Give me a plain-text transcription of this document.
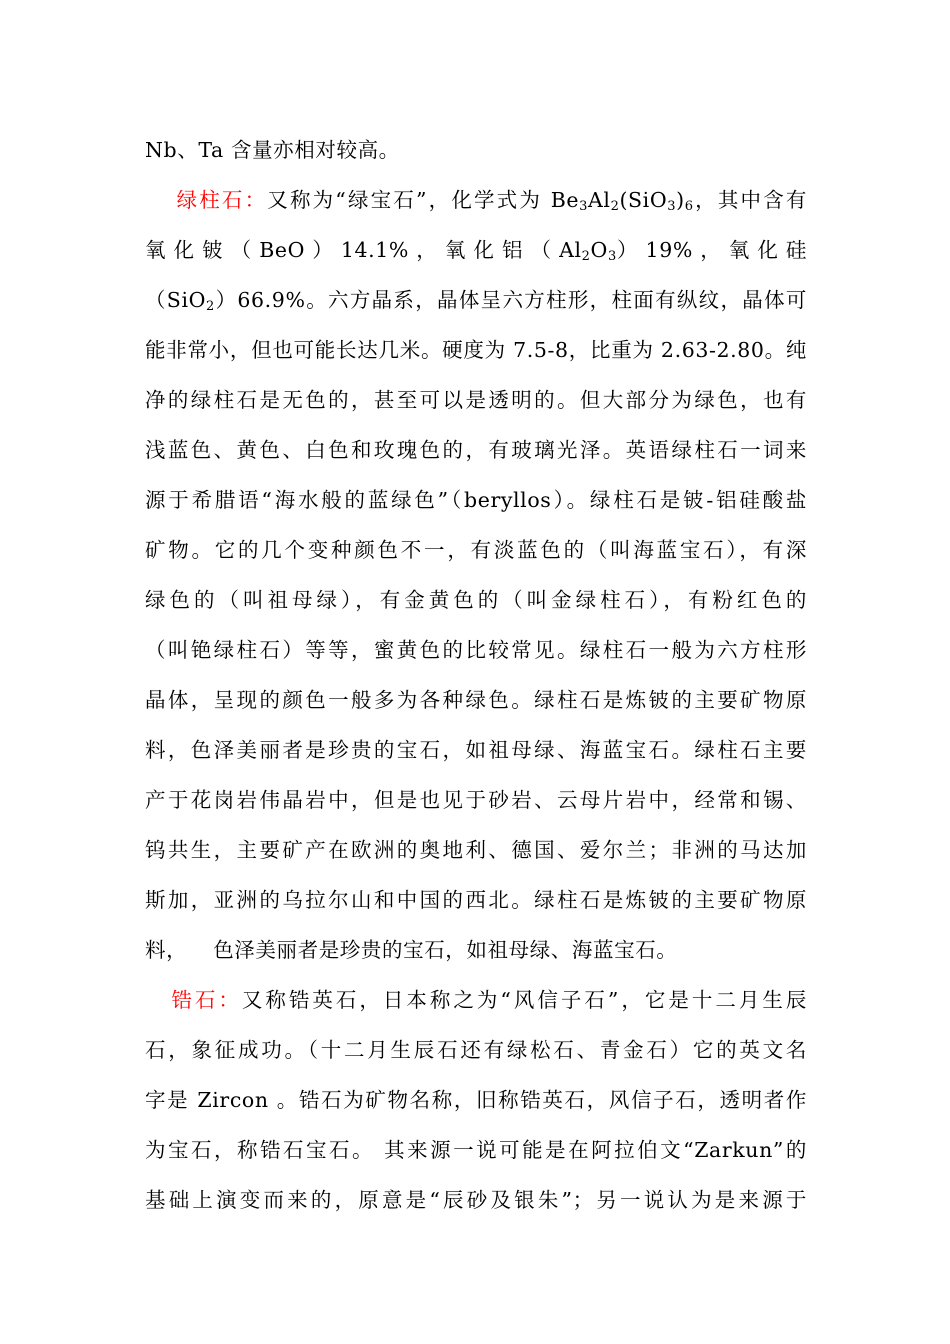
Nb、Ta 含量亦相对较高。
绿柱石：又称为“绿宝石”，化学式为 $Be_3Al_2(SiO_3)_6$，其中含有
氧 化 铍 （ BeO ） 14.1% ， 氧 化 铝 （ $Al_2O_3$） 19% ， 氧 化 硅
（SiO$_2$）66.9%。六方晶系，晶体呈六方柱形，柱面有纵纹，晶体可
能非常小，但也可能长达几米。硬度为 7.5-8，比重为 2.63-2.80。纯
净的绿柱石是无色的，甚至可以是透明的。但大部分为绿色，也有
浅蓝色、黄色、白色和玫瑰色的，有玻璃光泽。英语绿柱石一词来
源于希腊语“海水般的蓝绿色”（beryllos）。绿柱石是铍-铝硅酸盐
矿物。它的几个变种颜色不一，有淡蓝色的（叫海蓝宝石），有深
绿色的（叫祖母绿），有金黄色的（叫金绿柱石），有粉红色的
（叫铯绿柱石）等等，蜜黄色的比较常见。绿柱石一般为六方柱形
晶体，呈现的颜色一般多为各种绿色。绿柱石是炼铍的主要矿物原
料，色泽美丽者是珍贵的宝石，如祖母绿、海蓝宝石。绿柱石主要
产于花岗岩伟晶岩中，但是也见于砂岩、云母片岩中，经常和锡、
钨共生，主要矿产在欧洲的奥地利、德国、爱尔兰；非洲的马达加
斯加，亚洲的乌拉尔山和中国的西北。绿柱石是炼铍的主要矿物原
料， 色泽美丽者是珍贵的宝石，如祖母绿、海蓝宝石。
锆石：又称锆英石，日本称之为“风信子石”，它是十二月生辰
石，象征成功。（十二月生辰石还有绿松石、青金石）它的英文名
字是 Zircon 。锆石为矿物名称，旧称锆英石，风信子石，透明者作
为宝石，称锆石宝石。 其来源一说可能是在阿拉伯文“Zarkun”的
基础上演变而来的，原意是“辰砂及银朱”；另一说认为是来源于
